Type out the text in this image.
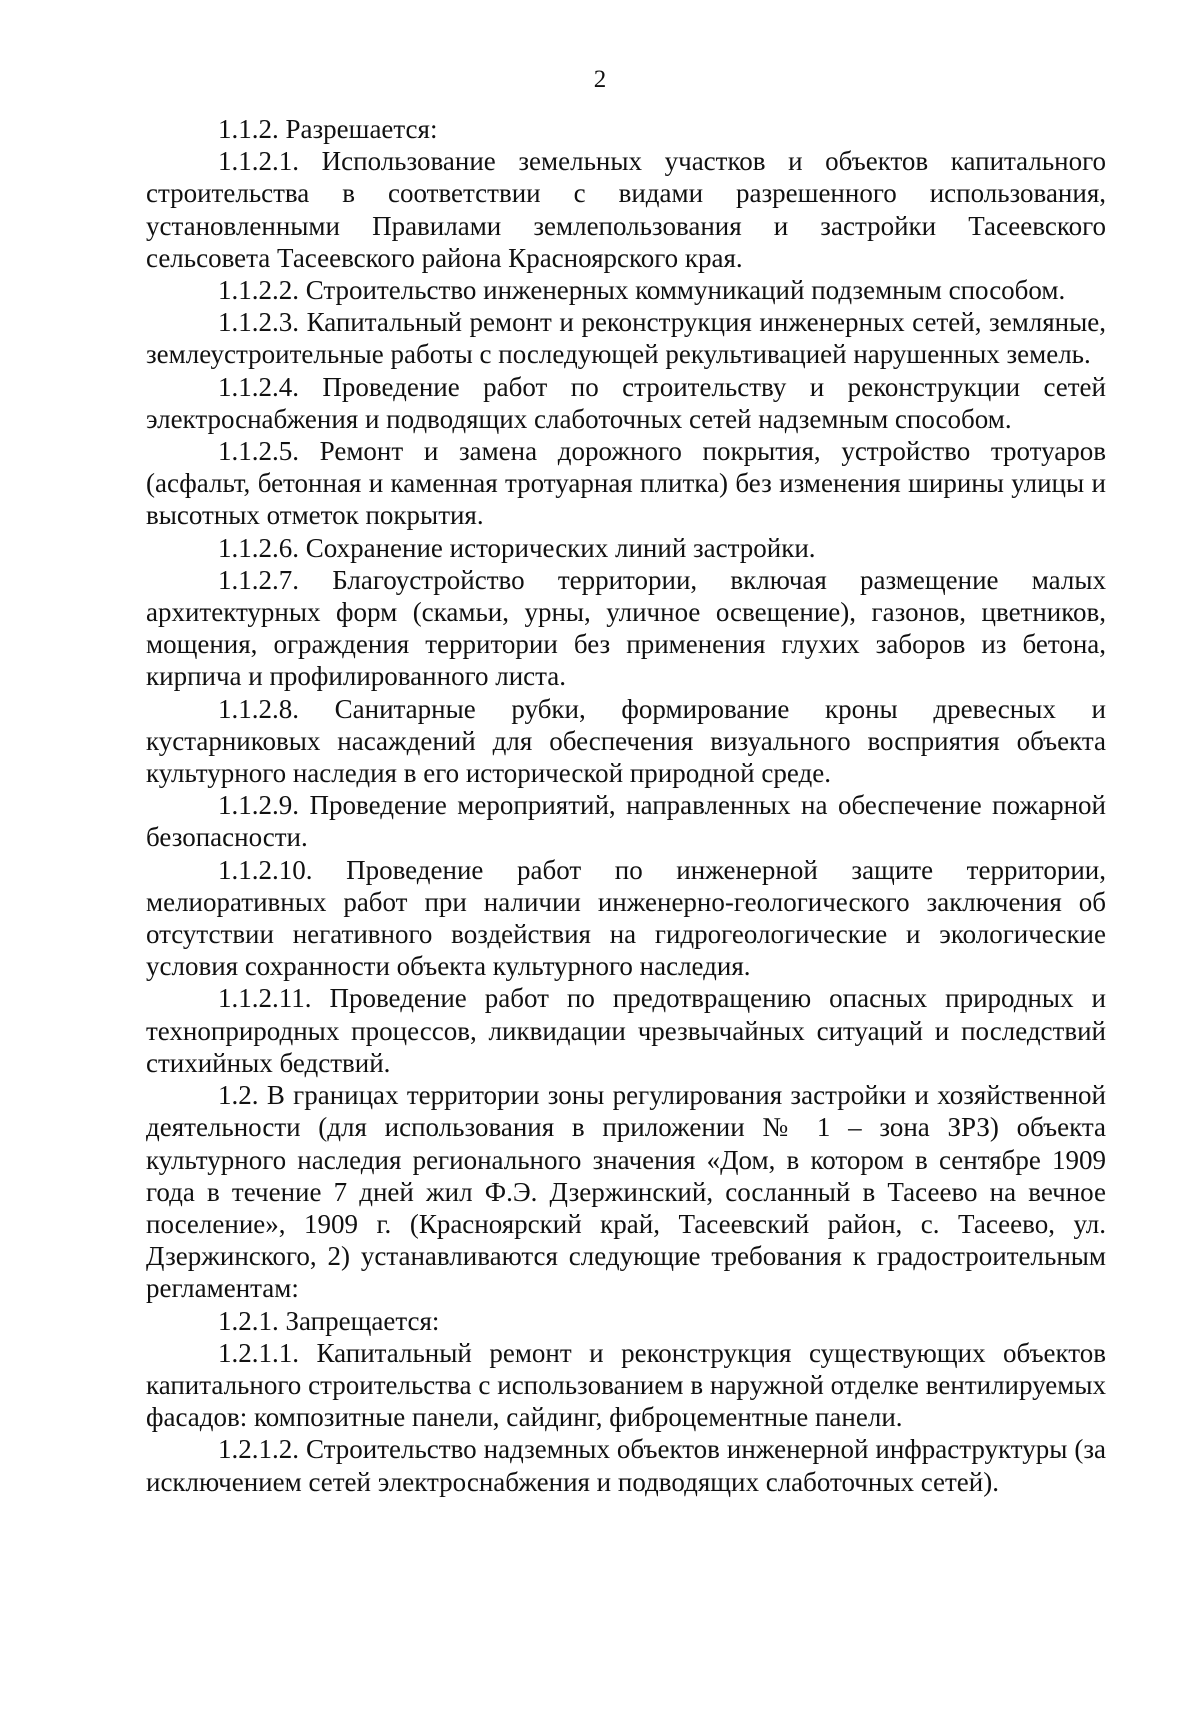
2

1.1.2. Разрешается:

1.1.2.1. Использование земельных участков и объектов капитального строительства в соответствии с видами разрешенного использования, установленными Правилами землепользования и застройки Тасеевского сельсовета Тасеевского района Красноярского края.

1.1.2.2. Строительство инженерных коммуникаций подземным способом.

1.1.2.3. Капитальный ремонт и реконструкция инженерных сетей, земляные, землеустроительные работы с последующей рекультивацией нарушенных земель.

1.1.2.4. Проведение работ по строительству и реконструкции сетей электроснабжения и подводящих слаботочных сетей надземным способом.

1.1.2.5. Ремонт и замена дорожного покрытия, устройство тротуаров (асфальт, бетонная и каменная тротуарная плитка) без изменения ширины улицы и высотных отметок покрытия.

1.1.2.6. Сохранение исторических линий застройки.

1.1.2.7. Благоустройство территории, включая размещение малых архитектурных форм (скамьи, урны, уличное освещение), газонов, цветников, мощения, ограждения территории без применения глухих заборов из бетона, кирпича и профилированного листа.

1.1.2.8. Санитарные рубки, формирование кроны древесных и кустарниковых насаждений для обеспечения визуального восприятия объекта культурного наследия в его исторической природной среде.

1.1.2.9. Проведение мероприятий, направленных на обеспечение пожарной безопасности.

1.1.2.10. Проведение работ по инженерной защите территории, мелиоративных работ при наличии инженерно-геологического заключения об отсутствии негативного воздействия на гидрогеологические и экологические условия сохранности объекта культурного наследия.

1.1.2.11. Проведение работ по предотвращению опасных природных и технoприродных процессов, ликвидации чрезвычайных ситуаций и последствий стихийных бедствий.

1.2. В границах территории зоны регулирования застройки и хозяйственной деятельности (для использования в приложении № 1 – зона ЗРЗ) объекта культурного наследия регионального значения «Дом, в котором в сентябре 1909 года в течение 7 дней жил Ф.Э. Дзержинский, сосланный в Тасеево на вечное поселение», 1909 г. (Красноярский край, Тасеевский район, с. Тасеево, ул. Дзержинского, 2) устанавливаются следующие требования к градостроительным регламентам:

1.2.1. Запрещается:

1.2.1.1. Капитальный ремонт и реконструкция существующих объектов капитального строительства с использованием в наружной отделке вентилируемых фасадов: композитные панели, сайдинг, фиброцементные панели.

1.2.1.2. Строительство надземных объектов инженерной инфраструктуры (за исключением сетей электроснабжения и подводящих слаботочных сетей).
